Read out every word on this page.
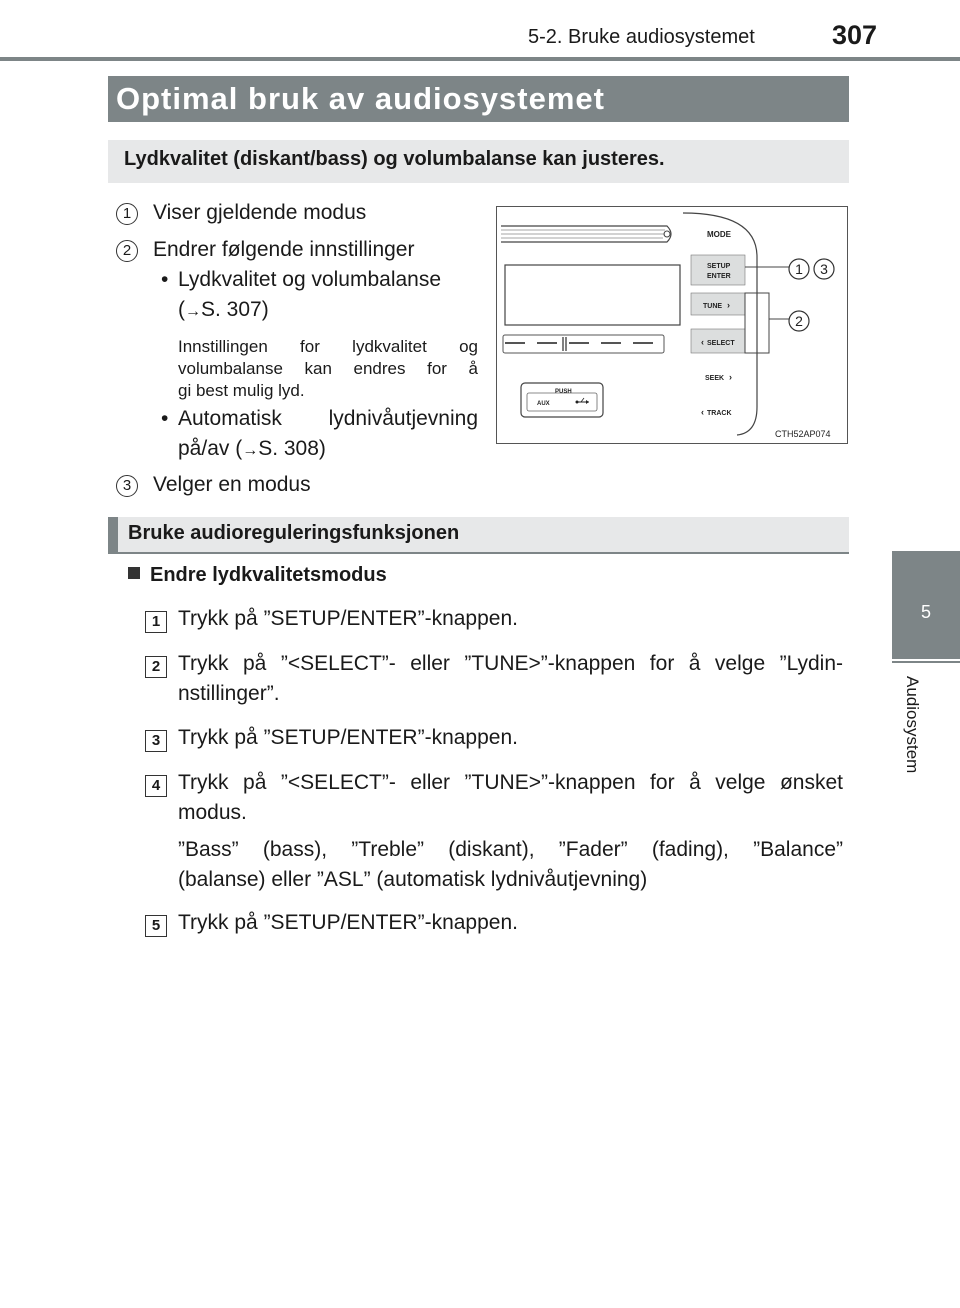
5-2. Bruke audiosystemet	307
5
Audiosystem
Optimal bruk av audiosystemet
Lydkvalitet (diskant/bass) og volumbalanse kan justeres.
1	Viser gjeldende modus
2	Endrer følgende innstillinger
• Lydkvalitet og volumbalanse
(→S. 307)
Innstillingen for lydkvalitet og
volumbalanse kan endres for å
gi best mulig lyd.
• Automatisk lydnivåutjevning
på/av (→S. 308)
3	Velger en modus
PUSH
AUX
MODE
SETUP
ENTER
TUNE ›
‹ SELECT
SEEK ›
‹ TRACK
1 3
2
CTH52AP074
Bruke audioreguleringsfunksjonen
Endre lydkvalitetsmodus
1 Trykk på ”SETUP/ENTER”-knappen.
2 Trykk på ”<SELECT”- eller ”TUNE>”-knappen for å velge ”Lydin-
nstillinger”.
3 Trykk på ”SETUP/ENTER”-knappen.
4 Trykk på ”<SELECT”- eller ”TUNE>”-knappen for å velge ønsket
modus.
”Bass” (bass), ”Treble” (diskant), ”Fader” (fading), ”Balance”
(balanse) eller ”ASL” (automatisk lydnivåutjevning)
5 Trykk på ”SETUP/ENTER”-knappen.
